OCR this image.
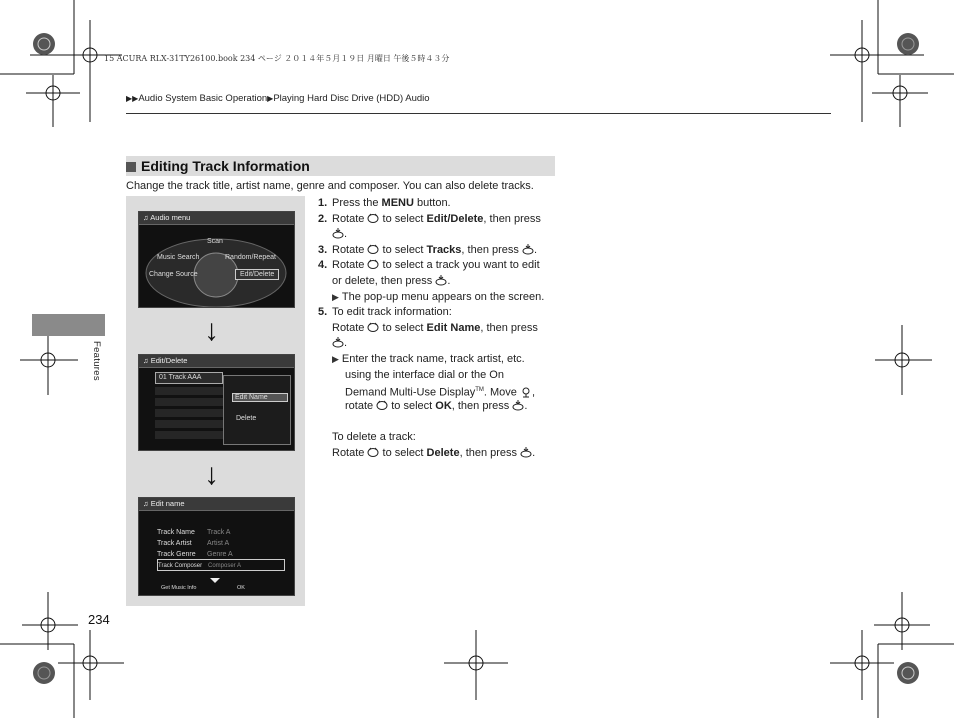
15 ACURA RLX-31TY26100.book 234 ページ ２０１４年５月１９日 月曜日 午後５時４３分
▶▶Audio System Basic Operation▶Playing Hard Disc Drive (HDD) Audio
Editing Track Information
Change the track title, artist name, genre and composer. You can also delete tracks.
Features
234
♫ Audio menu
Scan
Music Search	Random/Repeat
Change Source	Edit/Delete
↓
♫ Edit/Delete
01 Track AAA
Edit Name
Delete
↓
♫ Edit name
Track Name Track A
Track Artist Artist A
Track Genre Genre A
Track Composer Composer A
Get Music Info	OK
1. Press the MENU button.
2. Rotate  to select Edit/Delete, then press
.
3. Rotate  to select Tracks, then press .
4. Rotate  to select a track you want to edit
or delete, then press .
▶ The pop-up menu appears on the screen.
5. To edit track information:
Rotate  to select Edit Name, then press
.
▶ Enter the track name, track artist, etc.
using the interface dial or the On
Demand Multi-Use Display™. Move ,
rotate  to select OK, then press .
To delete a track:
Rotate  to select Delete, then press .
